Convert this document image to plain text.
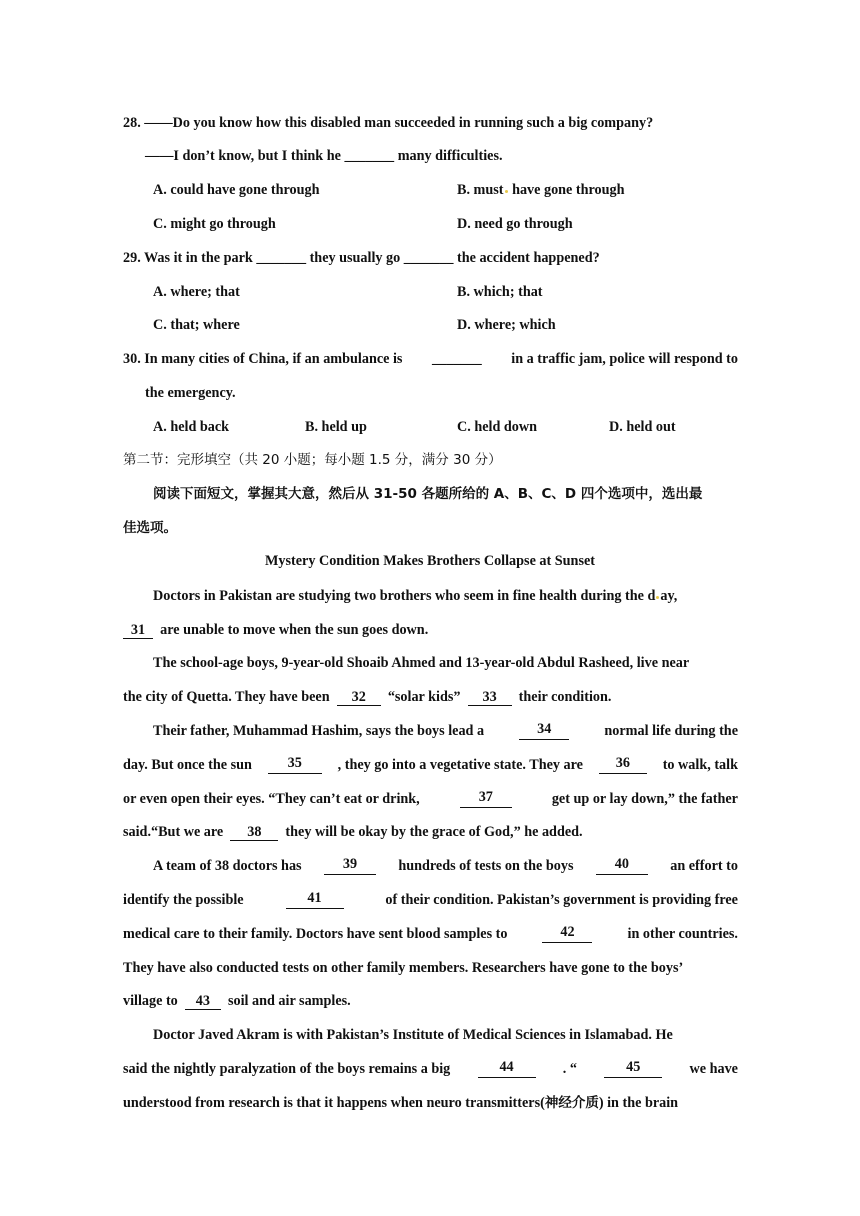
28. ——Do you know how this disabled man succeeded in running such a big company?
——I don’t know, but I think he _______ many difficulties.
A. could have gone through	B. must have gone through
C. might go through	D. need go through
29. Was it in the park _______ they usually go _______ the accident happened?
A. where; that	B. which; that
C. that; where	D. where; which
30. In many cities of China, if an ambulance is _______ in a traffic jam, police will respond to
the emergency.
A. held back	B. held up	C. held down	D. held out
第二节：完形填空（共 20 小题；每小题 1.5 分，满分 30 分）
阅读下面短文，掌握其大意，然后从 31-50 各题所给的 A、B、C、D 四个选项中，选出最
佳选项。
Mystery Condition Makes Brothers Collapse at Sunset
Doctors in Pakistan are studying two brothers who seem in fine health during the d ay,
31 are unable to move when the sun goes down.
The school-age boys, 9-year-old Shoaib Ahmed and 13-year-old Abdul Rasheed, live near
the city of Quetta. They have been 32 “solar kids” 33 their condition.
Their father, Muhammad Hashim, says the boys lead a	34	normal life during the
day. But once the sun	35	, they go into a vegetative state. They are	36	to walk, talk
or even open their eyes. “They can’t eat or drink,	37	get up or lay down,” the father
said.“But we are 38 they will be okay by the grace of God,” he added.
A team of 38 doctors has	39	hundreds of tests on the boys	40	an effort to
identify the possible	41	of their condition. Pakistan’s government is providing free
medical care to their family. Doctors have sent blood samples to	42	in other countries.
They have also conducted tests on other family members. Researchers have gone to the boys’
village to 43 soil and air samples.
Doctor Javed Akram is with Pakistan’s Institute of Medical Sciences in Islamabad. He
said the nightly paralyzation of the boys remains a big	44	. “	45	we have
understood from research is that it happens when neuro transmitters(神经介质) in the brain
